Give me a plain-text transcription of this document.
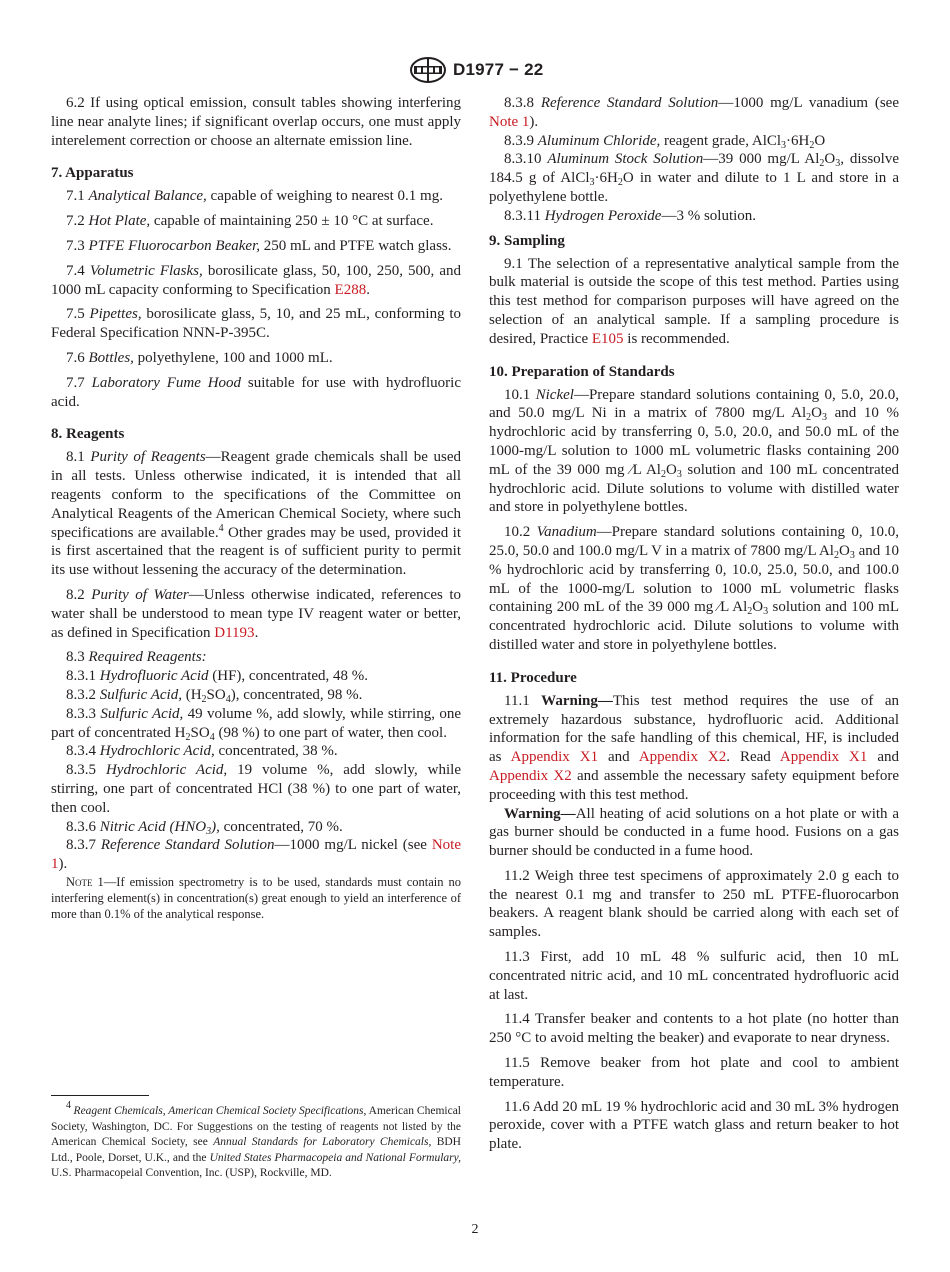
D1977 − 22

6.2 If using optical emission, consult tables showing interfering line near analyte lines; if significant overlap occurs, one must apply interelement correction or choose an alternate emission line.

7. Apparatus

7.1 Analytical Balance, capable of weighing to nearest 0.1 mg.

7.2 Hot Plate, capable of maintaining 250 ± 10 °C at surface.

7.3 PTFE Fluorocarbon Beaker, 250 mL and PTFE watch glass.

7.4 Volumetric Flasks, borosilicate glass, 50, 100, 250, 500, and 1000 mL capacity conforming to Specification E288.

7.5 Pipettes, borosilicate glass, 5, 10, and 25 mL, conforming to Federal Specification NNN-P-395C.

7.6 Bottles, polyethylene, 100 and 1000 mL.

7.7 Laboratory Fume Hood suitable for use with hydrofluoric acid.

8. Reagents

8.1 Purity of Reagents—Reagent grade chemicals shall be used in all tests. Unless otherwise indicated, it is intended that all reagents conform to the specifications of the Committee on Analytical Reagents of the American Chemical Society, where such specifications are available.$^4$ Other grades may be used, provided it is first ascertained that the reagent is of sufficient purity to permit its use without lessening the accuracy of the determination.

8.2 Purity of Water—Unless otherwise indicated, references to water shall be understood to mean type IV reagent water or better, as defined in Specification D1193.

8.3 Required Reagents:

8.3.1 Hydrofluoric Acid (HF), concentrated, 48 %.

8.3.2 Sulfuric Acid, $(H_2SO_4)$, concentrated, 98 %.

8.3.3 Sulfuric Acid, 49 volume %, add slowly, while stirring, one part of concentrated $H_2SO_4$ (98 %) to one part of water, then cool.

8.3.4 Hydrochloric Acid, concentrated, 38 %.

8.3.5 Hydrochloric Acid, 19 volume %, add slowly, while stirring, one part of concentrated HCl (38 %) to one part of water, then cool.

8.3.6 Nitric Acid $(HNO_3)$, concentrated, 70 %.

8.3.7 Reference Standard Solution—1000 mg/L nickel (see Note 1).

Note 1—If emission spectrometry is to be used, standards must contain no interfering element(s) in concentration(s) great enough to yield an interference of more than 0.1% of the analytical response.

$^4$ Reagent Chemicals, American Chemical Society Specifications, American Chemical Society, Washington, DC. For Suggestions on the testing of reagents not listed by the American Chemical Society, see Annual Standards for Laboratory Chemicals, BDH Ltd., Poole, Dorset, U.K., and the United States Pharmacopeia and National Formulary, U.S. Pharmacopeial Convention, Inc. (USP), Rockville, MD.

8.3.8 Reference Standard Solution—1000 mg/L vanadium (see Note 1).

8.3.9 Aluminum Chloride, reagent grade, $AlCl_3\cdot 6H_2O$

8.3.10 Aluminum Stock Solution—39 000 mg/L $Al_2O_3$, dissolve 184.5 g of $AlCl_3\cdot 6H_2O$ in water and dilute to 1 L and store in a polyethylene bottle.

8.3.11 Hydrogen Peroxide—3 % solution.

9. Sampling

9.1 The selection of a representative analytical sample from the bulk material is outside the scope of this test method. Parties using this test method for comparison purposes will have agreed on the selection of an analytical sample. If a sampling procedure is desired, Practice E105 is recommended.

10. Preparation of Standards

10.1 Nickel—Prepare standard solutions containing 0, 5.0, 20.0, and 50.0 mg/L Ni in a matrix of 7800 mg/L $Al_2O_3$ and 10 % hydrochloric acid by transferring 0, 5.0, 20.0, and 50.0 mL of the 1000-mg/L solution to 1000 mL volumetric flasks containing 200 mL of the 39 000 mg ⁄L $Al_2O_3$ solution and 100 mL concentrated hydrochloric acid. Dilute solutions to volume with distilled water and store in polyethylene bottles.

10.2 Vanadium—Prepare standard solutions containing 0, 10.0, 25.0, 50.0 and 100.0 mg/L V in a matrix of 7800 mg/L $Al_2O_3$ and 10 % hydrochloric acid by transferring 0, 10.0, 25.0, 50.0, and 100.0 mL of the 1000-mg/L solution to 1000 mL volumetric flasks containing 200 mL of the 39 000 mg ⁄L $Al_2O_3$ solution and 100 mL concentrated hydrochloric acid. Dilute solutions to volume with distilled water and store in polyethylene bottles.

11. Procedure

11.1 Warning—This test method requires the use of an extremely hazardous substance, hydrofluoric acid. Additional information for the safe handling of this chemical, HF, is included as Appendix X1 and Appendix X2. Read Appendix X1 and Appendix X2 and assemble the necessary safety equipment before proceeding with this test method.

Warning—All heating of acid solutions on a hot plate or with a gas burner should be conducted in a fume hood. Fusions on a gas burner should be conducted in a fume hood.

11.2 Weigh three test specimens of approximately 2.0 g each to the nearest 0.1 mg and transfer to 250 mL PTFE-fluorocarbon beakers. A reagent blank should be carried along with each set of samples.

11.3 First, add 10 mL 48 % sulfuric acid, then 10 mL concentrated nitric acid, and 10 mL concentrated hydrofluoric acid at last.

11.4 Transfer beaker and contents to a hot plate (no hotter than 250 °C to avoid melting the beaker) and evaporate to near dryness.

11.5 Remove beaker from hot plate and cool to ambient temperature.

11.6 Add 20 mL 19 % hydrochloric acid and 30 mL 3% hydrogen peroxide, cover with a PTFE watch glass and return beaker to hot plate.

2
